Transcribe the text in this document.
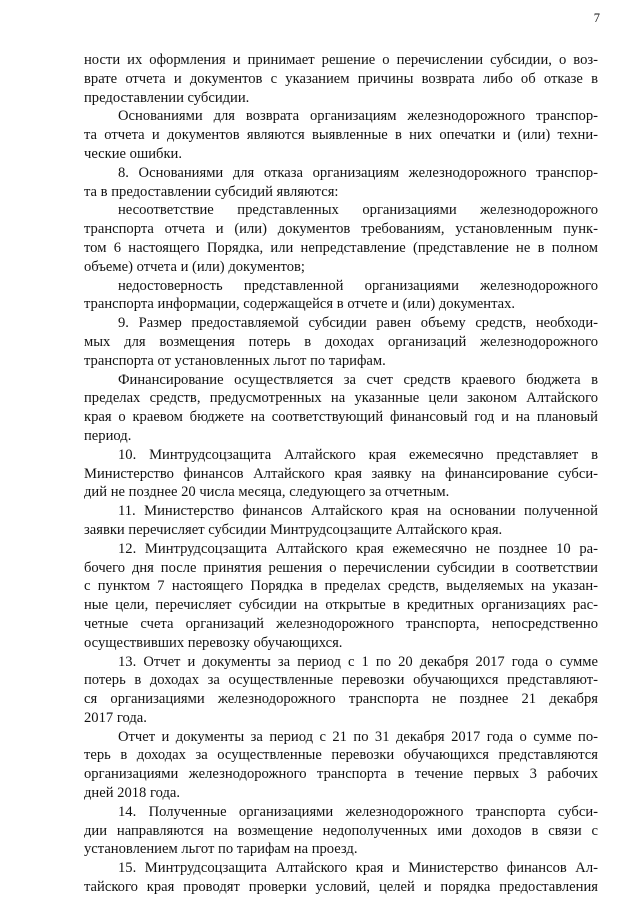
7

ности их оформления и принимает решение о перечислении субсидии, о воз-

врате отчета и документов с указанием причины возврата либо об отказе в

предоставлении субсидии.

Основаниями для возврата организациям железнодорожного транспор-

та отчета и документов являются выявленные в них опечатки и (или) техни-

ческие ошибки.

8. Основаниями для отказа организациям железнодорожного транспор-

та в предоставлении субсидий являются:

несоответствие представленных организациями железнодорожного

транспорта отчета и (или) документов требованиям, установленным пунк-

том 6 настоящего Порядка, или непредставление (представление не в полном

объеме) отчета и (или) документов;

недостоверность представленной организациями железнодорожного

транспорта информации, содержащейся в отчете и (или) документах.

9. Размер предоставляемой субсидии равен объему средств, необходи-

мых для возмещения потерь в доходах организаций железнодорожного

транспорта от установленных льгот по тарифам.

Финансирование осуществляется за счет средств краевого бюджета в

пределах средств, предусмотренных на указанные цели законом Алтайского

края о краевом бюджете на соответствующий финансовый год и на плановый

период.

10. Минтрудсоцзащита Алтайского края ежемесячно представляет в

Министерство финансов Алтайского края заявку на финансирование субси-

дий не позднее 20 числа месяца, следующего за отчетным.

11. Министерство финансов Алтайского края на основании полученной

заявки перечисляет субсидии Минтрудсоцзащите Алтайского края.

12. Минтрудсоцзащита Алтайского края ежемесячно не позднее 10 ра-

бочего дня после принятия решения о перечислении субсидии в соответствии

с пунктом 7 настоящего Порядка в пределах средств, выделяемых на указан-

ные цели, перечисляет субсидии на открытые в кредитных организациях рас-

четные счета организаций железнодорожного транспорта, непосредственно

осуществивших перевозку обучающихся.

13. Отчет и документы за период с 1 по 20 декабря 2017 года о сумме

потерь в доходах за осуществленные перевозки обучающихся представляют-

ся организациями железнодорожного транспорта не позднее 21 декабря

2017 года.

Отчет и документы за период с 21 по 31 декабря 2017 года о сумме по-

терь в доходах за осуществленные перевозки обучающихся представляются

организациями железнодорожного транспорта в течение первых 3 рабочих

дней 2018 года.

14. Полученные организациями железнодорожного транспорта субси-

дии направляются на возмещение недополученных ими доходов в связи с

установлением льгот по тарифам на проезд.

15. Минтрудсоцзащита Алтайского края и Министерство финансов Ал-

тайского края проводят проверки условий, целей и порядка предоставления
